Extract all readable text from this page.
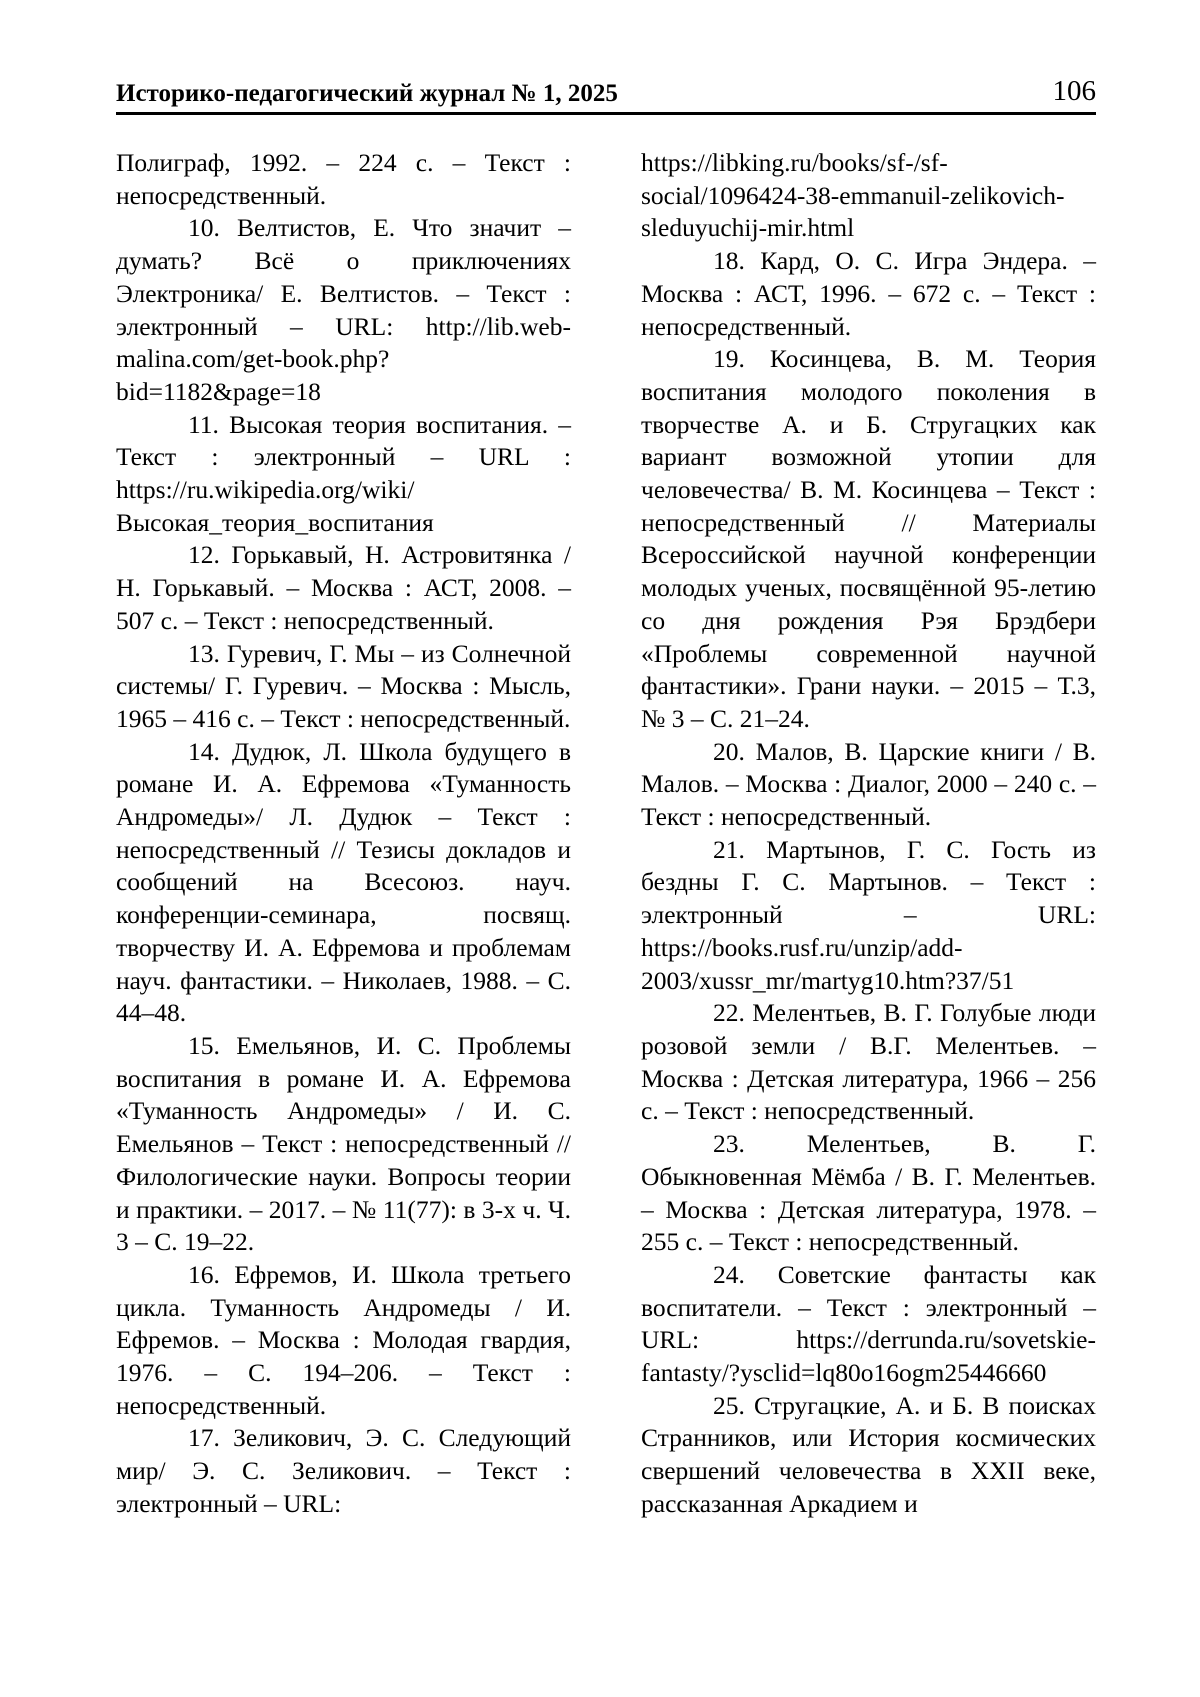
Историко-педагогический журнал № 1, 2025	106

Полиграф, 1992. – 224 с. – Текст : непосредственный.

10. Велтистов, Е. Что значит – думать? Всё о приключениях Электроника/ Е. Велтистов. – Текст : электронный – URL: http://lib.web-malina.com/get-book.php?bid=1182&page=18

11. Высокая теория воспитания. – Текст : электронный – URL : https://ru.wikipedia.org/wiki/Высокая_теория_воспитания

12. Горькавый, Н. Астровитянка / Н. Горькавый. – Москва : АСТ, 2008. – 507 с. – Текст : непосредственный.

13. Гуревич, Г. Мы – из Солнечной системы/ Г. Гуревич. – Москва : Мысль, 1965 – 416 с. – Текст : непосредственный.

14. Дудюк, Л. Школа будущего в романе И. А. Ефремова «Туманность Андромеды»/ Л. Дудюк – Текст : непосредственный // Тезисы докладов и сообщений на Всесоюз. науч. конференции-семинара, посвящ. творчеству И. А. Ефремова и проблемам науч. фантастики. – Николаев, 1988. – С. 44–48.

15. Емельянов, И. С. Проблемы воспитания в романе И. А. Ефремова «Туманность Андромеды» / И. С. Емельянов – Текст : непосредственный // Филологические науки. Вопросы теории и практики. – 2017. – № 11(77): в 3-х ч. Ч. 3 – С. 19–22.

16. Ефремов, И. Школа третьего цикла. Туманность Андромеды / И. Ефремов. – Москва : Молодая гвардия, 1976. – С. 194–206. – Текст : непосредственный.

17. Зеликович, Э. С. Следующий мир/ Э. С. Зеликович. – Текст : электронный – URL:

https://libking.ru/books/sf-/sf-social/1096424-38-emmanuil-zelikovich-sleduyuchij-mir.html

18. Кард, О. С. Игра Эндера. – Москва : АСТ, 1996. – 672 с. – Текст : непосредственный.

19. Косинцева, В. М. Теория воспитания молодого поколения в творчестве А. и Б. Стругацких как вариант возможной утопии для человечества/ В. М. Косинцева – Текст : непосредственный // Материалы Всероссийской научной конференции молодых ученых, посвящённой 95-летию со дня рождения Рэя Брэдбери «Проблемы современной научной фантастики». Грани науки. – 2015 – Т.3, № 3 – С. 21–24.

20. Малов, В. Царские книги / В. Малов. – Москва : Диалог, 2000 – 240 с. – Текст : непосредственный.

21. Мартынов, Г. С. Гость из бездны Г. С. Мартынов. – Текст : электронный – URL: https://books.rusf.ru/unzip/add-2003/xussr_mr/martyg10.htm?37/51

22. Мелентьев, В. Г. Голубые люди розовой земли / В.Г. Мелентьев. – Москва : Детская литература, 1966 – 256 с. – Текст : непосредственный.

23. Мелентьев, В. Г. Обыкновенная Мёмба / В. Г. Мелентьев. – Москва : Детская литература, 1978. – 255 с. – Текст : непосредственный.

24. Советские фантасты как воспитатели. – Текст : электронный – URL: https://derrunda.ru/sovetskie-fantasty/?ysclid=lq80o16ogm25446660

25. Стругацкие, А. и Б. В поисках Странников, или История космических свершений человечества в XXII веке, рассказанная Аркадием и
